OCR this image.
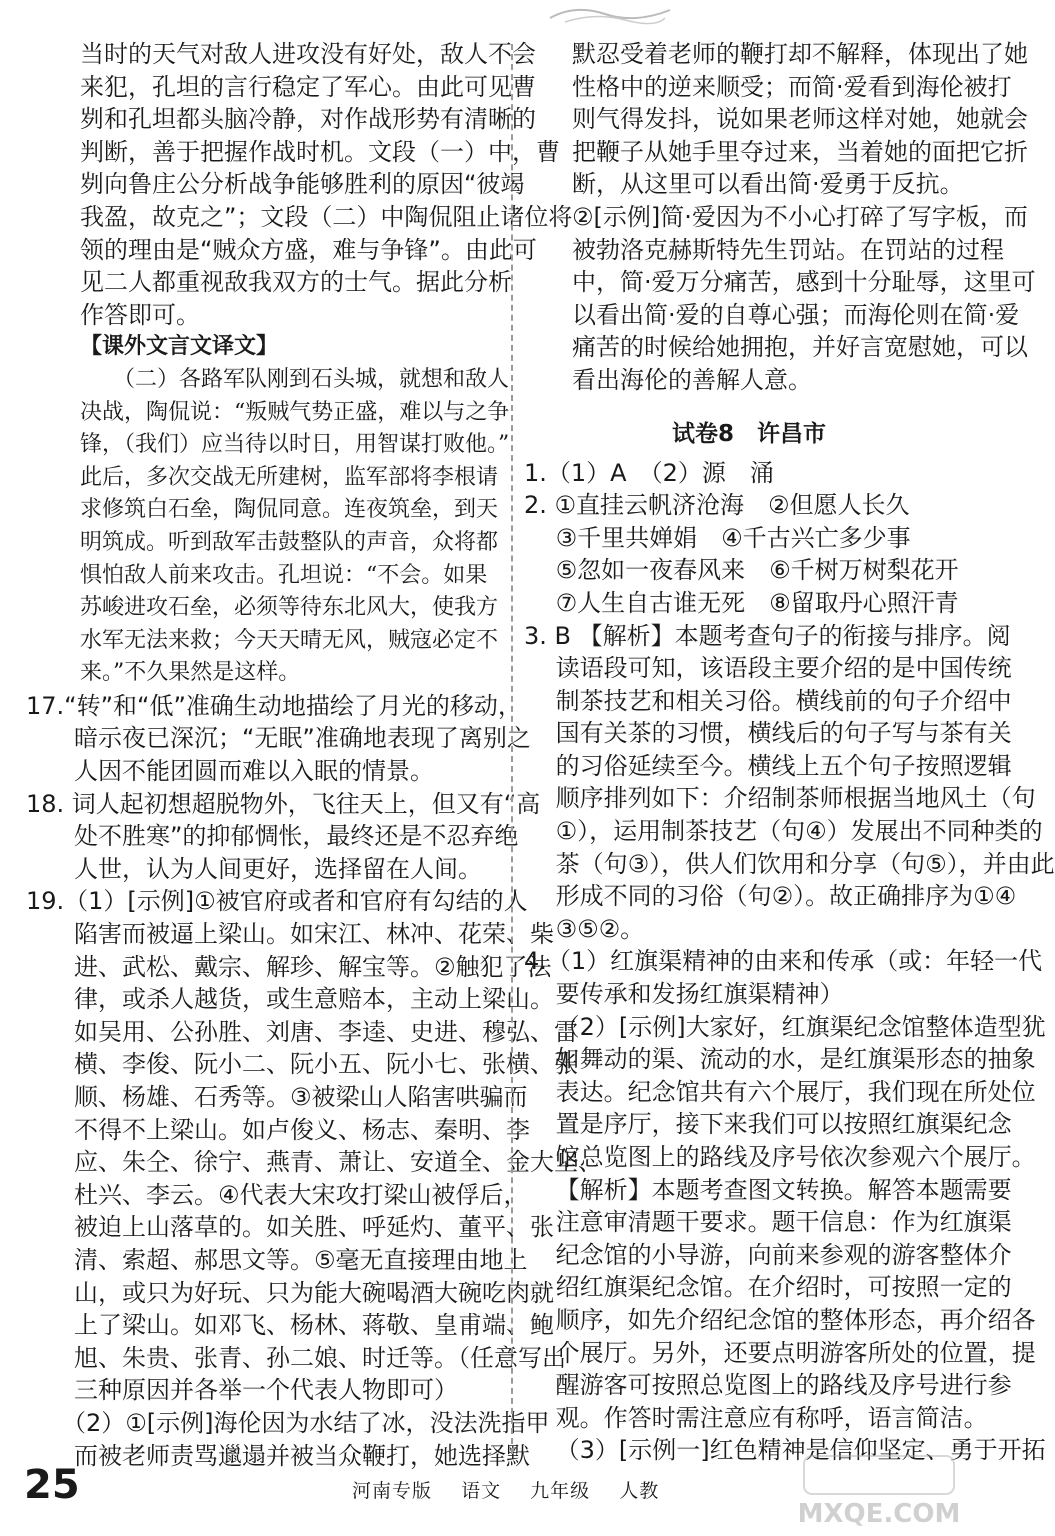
当时的天气对敌人进攻没有好处，敌人不会
来犯，孔坦的言行稳定了军心。由此可见曹
刿和孔坦都头脑冷静，对作战形势有清晰的
判断，善于把握作战时机。文段（一）中，曹
刿向鲁庄公分析战争能够胜利的原因“彼竭
我盈，故克之”；文段（二）中陶侃阻止诸位将
领的理由是“贼众方盛，难与争锋”。由此可
见二人都重视敌我双方的士气。据此分析
作答即可。
【课外文言文译文】
　　（二）各路军队刚到石头城，就想和敌人
决战，陶侃说：“叛贼气势正盛，难以与之争
锋，（我们）应当待以时日，用智谋打败他。”
此后，多次交战无所建树，监军部将李根请
求修筑白石垒，陶侃同意。连夜筑垒，到天
明筑成。听到敌军击鼓整队的声音，众将都
惧怕敌人前来攻击。孔坦说：“不会。如果
苏峻进攻石垒，必须等待东北风大，使我方
水军无法来救；今天天晴无风，贼寇必定不
来。”不久果然是这样。
17.“转”和“低”准确生动地描绘了月光的移动，
　　暗示夜已深沉；“无眠”准确地表现了离别之
　　人因不能团圆而难以入眠的情景。
18. 词人起初想超脱物外，飞往天上，但又有“高
　　处不胜寒”的抑郁惆怅，最终还是不忍弃绝
　　人世，认为人间更好，选择留在人间。
19.（1）[示例]①被官府或者和官府有勾结的人
　　陷害而被逼上梁山。如宋江、林冲、花荣、柴
　　进、武松、戴宗、解珍、解宝等。②触犯了法
　　律，或杀人越货，或生意赔本，主动上梁山。
　　如吴用、公孙胜、刘唐、李逵、史进、穆弘、雷
　　横、李俊、阮小二、阮小五、阮小七、张横、张
　　顺、杨雄、石秀等。③被梁山人陷害哄骗而
　　不得不上梁山。如卢俊义、杨志、秦明、李
　　应、朱仝、徐宁、燕青、萧让、安道全、金大坚、
　　杜兴、李云。④代表大宋攻打梁山被俘后，
　　被迫上山落草的。如关胜、呼延灼、董平、张
　　清、索超、郝思文等。⑤毫无直接理由地上
　　山，或只为好玩、只为能大碗喝酒大碗吃肉就
　　上了梁山。如邓飞、杨林、蒋敬、皇甫端、鲍
　　旭、朱贵、张青、孙二娘、时迁等。（任意写出
　　三种原因并各举一个代表人物即可）
　　（2）①[示例]海伦因为水结了冰，没法洗指甲
　　而被老师责骂邋遢并被当众鞭打，她选择默
　　默忍受着老师的鞭打却不解释，体现出了她
　　性格中的逆来顺受；而简·爱看到海伦被打
　　则气得发抖，说如果老师这样对她，她就会
　　把鞭子从她手里夺过来，当着她的面把它折
　　断，从这里可以看出简·爱勇于反抗。
　　②[示例]简·爱因为不小心打碎了写字板，而
　　被勃洛克赫斯特先生罚站。在罚站的过程
　　中，简·爱万分痛苦，感到十分耻辱，这里可
　　以看出简·爱的自尊心强；而海伦则在简·爱
　　痛苦的时候给她拥抱，并好言宽慰她，可以
　　看出海伦的善解人意。
试卷8　许昌市
1.（1）A　（2）源　涌
2. ①直挂云帆济沧海　②但愿人长久
　 ③千里共婵娟　④千古兴亡多少事
　 ⑤忽如一夜春风来　⑥千树万树梨花开
　 ⑦人生自古谁无死　⑧留取丹心照汗青
3. B 【解析】本题考查句子的衔接与排序。阅
　 读语段可知，该语段主要介绍的是中国传统
　 制茶技艺和相关习俗。横线前的句子介绍中
　 国有关茶的习惯，横线后的句子写与茶有关
　 的习俗延续至今。横线上五个句子按照逻辑
　 顺序排列如下：介绍制茶师根据当地风土（句
　 ①），运用制茶技艺（句④）发展出不同种类的
　 茶（句③），供人们饮用和分享（句⑤），并由此
　 形成不同的习俗（句②）。故正确排序为①④
　 ③⑤②。
4.（1）红旗渠精神的由来和传承（或：年轻一代
　 要传承和发扬红旗渠精神）
　 （2）[示例]大家好，红旗渠纪念馆整体造型犹
　 如舞动的渠、流动的水，是红旗渠形态的抽象
　 表达。纪念馆共有六个展厅，我们现在所处位
　 置是序厅，接下来我们可以按照红旗渠纪念
　 馆总览图上的路线及序号依次参观六个展厅。
　 【解析】本题考查图文转换。解答本题需要
　 注意审清题干要求。题干信息：作为红旗渠
　 纪念馆的小导游，向前来参观的游客整体介
　 绍红旗渠纪念馆。在介绍时，可按照一定的
　 顺序，如先介绍纪念馆的整体形态，再介绍各
　 个展厅。另外，还要点明游客所处的位置，提
　 醒游客可按照总览图上的路线及序号进行参
　 观。作答时需注意应有称呼，语言简洁。
　 （3）[示例一]红色精神是信仰坚定、勇于开拓
25	河南专版 语文 九年级 人教
MXQE.COM
